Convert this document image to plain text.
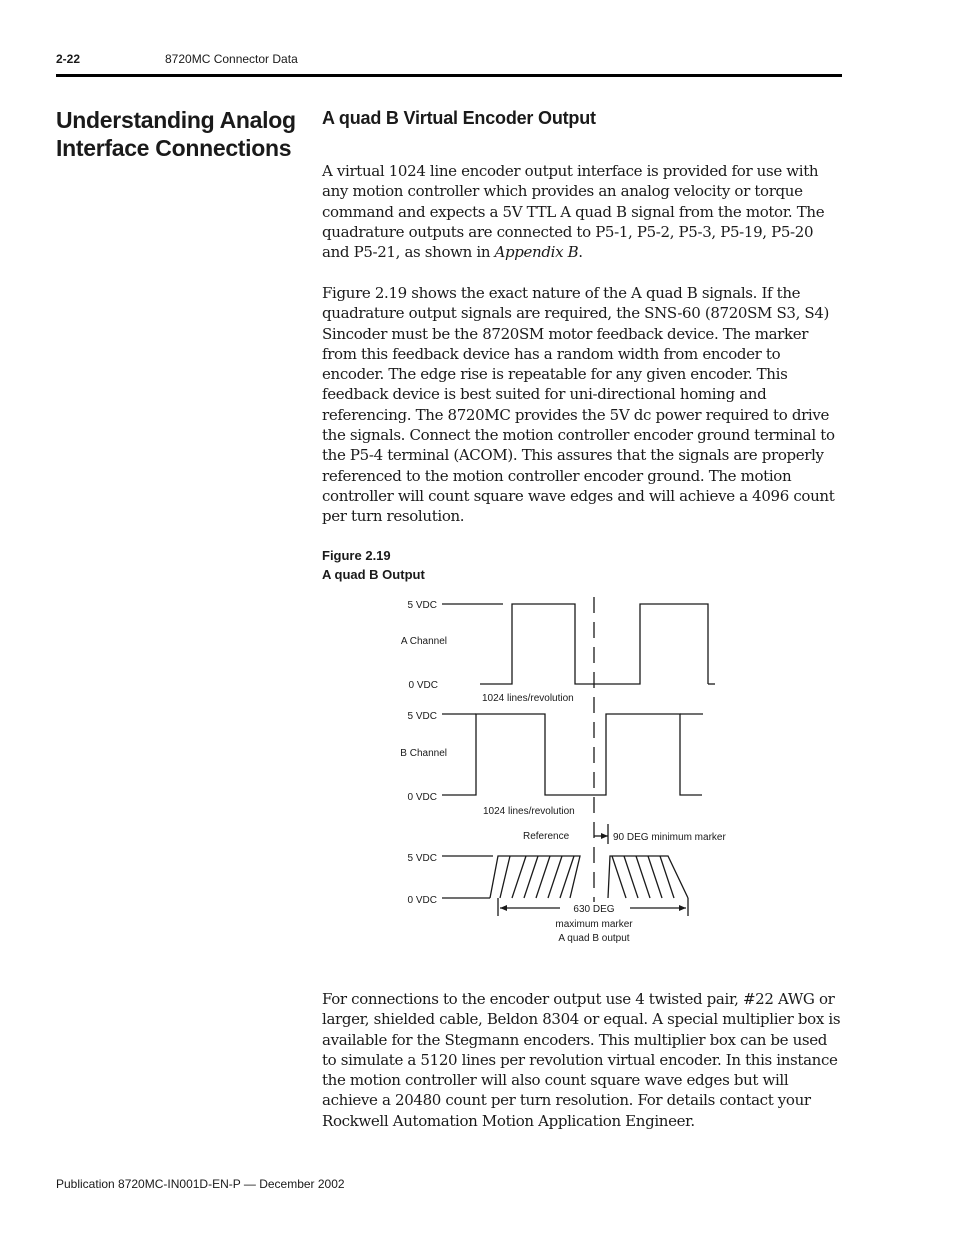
2-22	8720MC Connector Data
Understanding Analog Interface Connections
A quad B Virtual Encoder Output

A virtual 1024 line encoder output interface is provided for use with any motion controller which provides an analog velocity or torque command and expects a 5V TTL A quad B signal from the motor. The quadrature outputs are connected to P5-1, P5-2, P5-3, P5-19, P5-20 and P5-21, as shown in Appendix B.

Figure 2.19 shows the exact nature of the A quad B signals. If the quadrature output signals are required, the SNS-60 (8720SM S3, S4) Sincoder must be the 8720SM motor feedback device. The marker from this feedback device has a random width from encoder to encoder. The edge rise is repeatable for any given encoder. This feedback device is best suited for uni-directional homing and referencing. The 8720MC provides the 5V dc power required to drive the signals. Connect the motion controller encoder ground terminal to the P5-4 terminal (ACOM). This assures that the signals are properly referenced to the motion controller encoder ground. The motion controller will count square wave edges and will achieve a 4096 count per turn resolution.

Figure 2.19
A quad B Output
5 VDC
A Channel
0 VDC
1024 lines/revolution
5 VDC
B Channel
0 VDC
1024 lines/revolution
Reference	90 DEG minimum marker
5 VDC
0 VDC
630 DEG
maximum marker
A quad B output

For connections to the encoder output use 4 twisted pair, #22 AWG or larger, shielded cable, Beldon 8304 or equal. A special multiplier box is available for the Stegmann encoders. This multiplier box can be used to simulate a 5120 lines per revolution virtual encoder. In this instance the motion controller will also count square wave edges but will achieve a 20480 count per turn resolution. For details contact your Rockwell Automation Motion Application Engineer.

Publication 8720MC-IN001D-EN-P — December 2002
